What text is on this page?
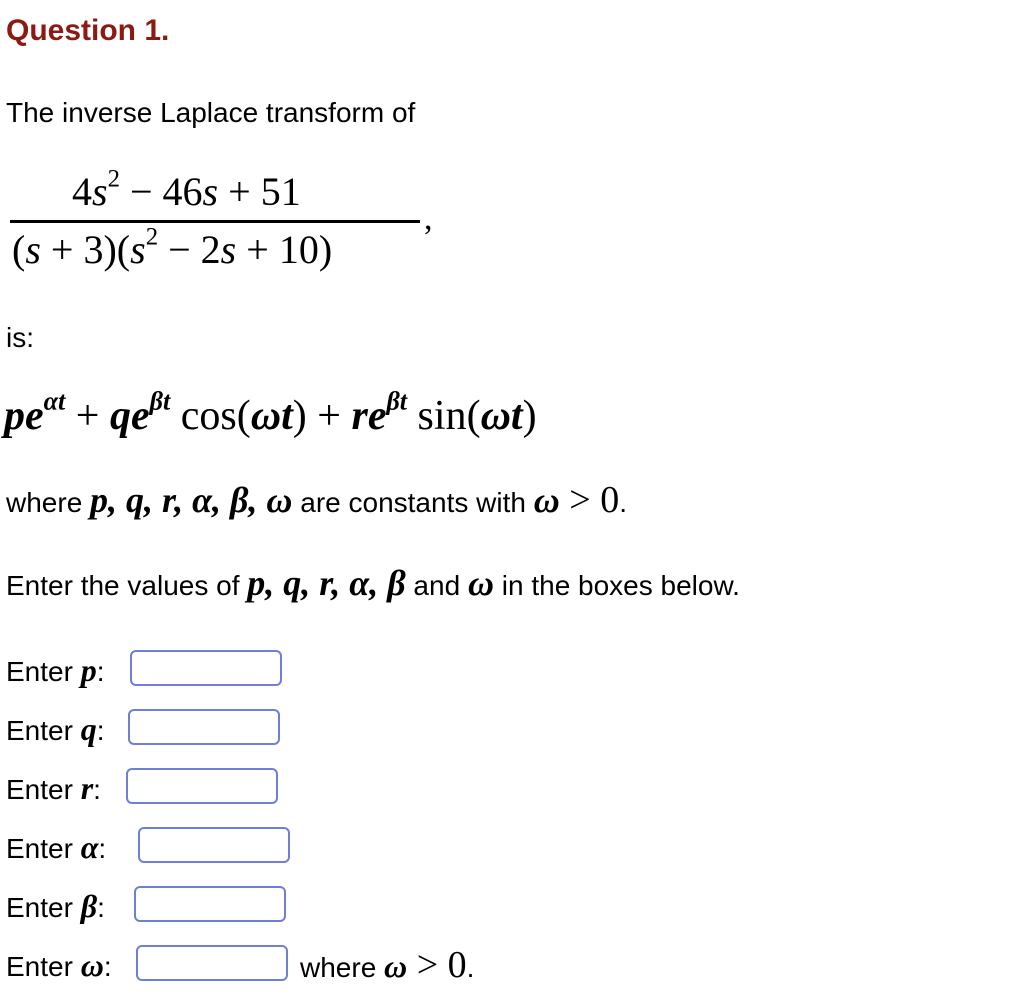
Question 1.
The inverse Laplace transform of
$4s^2 - 46s + 51$
$(s + 3)(s^2 - 2s + 10)$
,
is:
$pe^{\alpha t} + qe^{\beta t}$ $\cos(\omega t) + re^{\beta t}$ sin(ωt)
where p, q, r, α, β, ω are constants with ω > 0.
Enter the values of p, q, r, α, β and ω in the boxes below.
Enter p:
Enter q:
Enter r:
Enter α:
Enter β:
Enter ω:	where ω > 0.
